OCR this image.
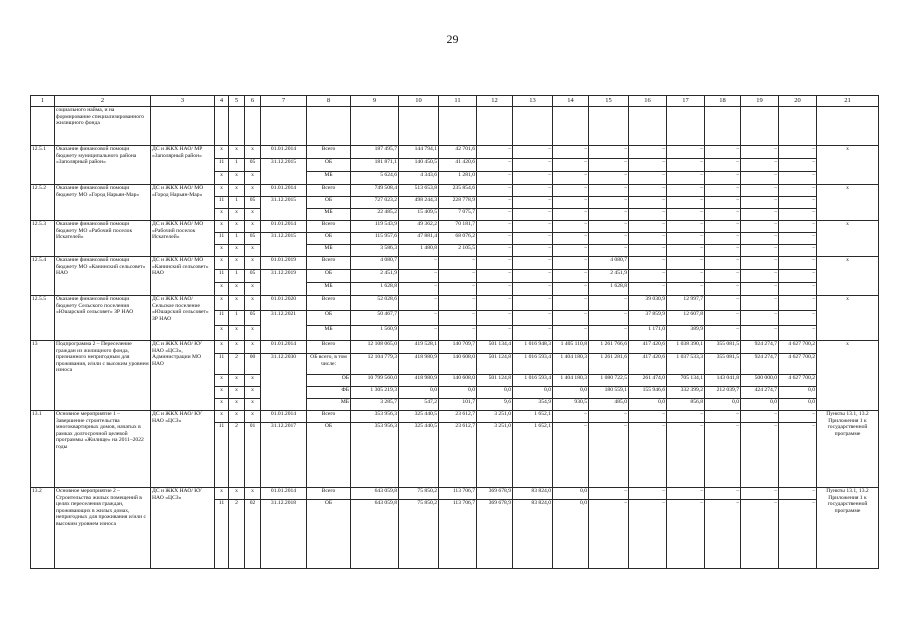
29
1	2	3	4	5	6	7	8	9	10	11	12	13	14	15	16	17	18	19	20	21
	социального найма, и на формирование специализированного жилищного фонда																			
12.5.1	Оказание финансовой помощи бюджету муниципального района «Заполярный район»	ДС и ЖКХ НАО/ МР «Заполярный район»	x	x	x	01.01.2014	Всего	187 495,7	144 794,1	42 701,6	–	–	–	–	–	–	–	–	–	x
			11	1	05	31.12.2015	ОБ	181 871,1	140 450,5	41 420,6	–	–	–	–	–	–	–	–	–	
			x	x	x		МБ	5 624,6	4 343,6	1 281,0	–	–	–	–	–	–	–	–	–	
12.5.2	Оказание финансовой помощи бюджету МО «Город Нарьян-Мар»	ДС и ЖКХ НАО/ МО «Город Нарьян-Мар»	x	x	x	01.01.2014	Всего	749 508,4	513 653,8	235 854,6	–	–	–	–	–	–	–	–	–	x
			11	1	05	31.12.2015	ОБ	727 023,2	498 244,3	228 778,9	–	–	–	–	–	–	–	–	–	
			x	x	x		МБ	22 485,2	15 409,5	7 075,7	–	–	–	–	–	–	–	–	–	
12.5.3	Оказание финансовой помощи бюджету МО «Рабочий поселок Искателей»	ДС и ЖКХ НАО/ МО «Рабочий поселок Искателей»	x	x	x	01.01.2014	Всего	119 543,9	49 362,2	70 181,7	–	–	–	–	–	–	–	–	–	x
			11	1	05	31.12.2015	ОБ	115 957,6	47 881,4	68 076,2	–	–	–	–	–	–	–	–	–	
			x	x	x		МБ	3 586,3	1 480,8	2 105,5	–	–	–	–	–	–	–	–	–	
12.5.4	Оказание финансовой помощи бюджету МО «Канинский сельсовет» НАО	ДС и ЖКХ НАО/ МО «Канинский сельсовет» НАО	x	x	x	01.01.2019	Всего	4 080,7	–	–	–	–	–	4 080,7	–	–	–	–	–	x
			11	1	05	31.12.2019	ОБ	2 451,9	–	–	–	–	–	2 451,9	–	–	–	–	–	
			x	x	x		МБ	1 628,8	–	–	–	–	–	1 628,8	–	–	–	–	–	
12.5.5	Оказание финансовой помощи бюджету Сельского поселения «Юшарский сельсовет» ЗР НАО	ДС и ЖКХ НАО/ Сельское поселение «Юшарский сельсовет» ЗР НАО	x	x	x	01.01.2020	Всего	52 028,6	–	–	–	–	–	–	39 030,9	12 997,7	–	–	–	x
			11	1	05	31.12.2021	ОБ	50 467,7	–	–	–	–	–	–	37 859,9	12 607,8	–	–	–	
			x	x	x		МБ	1 560,9	–	–	–	–	–	–	1 171,0	389,9	–	–	–	
13	Подпрограмма 2 – Переселение граждан из жилищного фонда, признанного непригодным для проживания, и/или с высоким уровнем износа	ДС и ЖКХ НАО/ КУ НАО «ЦСЗ», Администрации МО НАО	x	x	x	01.01.2014	Всего	12 108 065,0	419 528,1	140 709,7	501 134,4	1 016 948,3	1 405 110,8	1 261 766,6	417 420,6	1 038 390,1	355 081,5	924 274,7	4 627 700,2	x
			11	2	00	31.12.2030	ОБ всего, в том числе:	12 104 779,3	418 980,9	140 608,0	501 124,8	1 016 593,4	1 404 180,3	1 261 281,6	417 420,6	1 037 533,3	355 081,5	924 274,7	4 627 700,2	
			x	x	x		ОБ	10 799 560,0	418 980,9	140 608,0	501 124,8	1 016 593,4	1 404 180,3	1 080 722,5	261 474,0	705 134,1	143 041,8	500 000,0	4 627 700,2	
			x	x	x		ФБ	1 305 219,3	0,0	0,0	0,0	0,0	0,0	180 559,1	155 946,6	332 399,2	212 039,7	424 274,7	0,0	
			x	x	x		МБ	3 285,7	547,2	101,7	9,6	354,9	930,5	485,0	0,0	856,8	0,0	0,0	0,0	
13.1	Основное мероприятие 1 – Завершение строительства многоквартирных домов, начатых в рамках долгосрочной целевой программы «Жилище» на 2011–2022 годы	ДС и ЖКХ НАО/ КУ НАО «ЦСЗ»	x	x	x	01.01.2014	Всего	353 956,3	325 440,5	23 612,7	3 251,0	1 652,1	–	–	–	–	–	–	–	Пункты 13.1, 13.2 Приложения 1 к государственной программе
			11	2	01	31.12.2017	ОБ	353 956,3	325 440,5	23 612,7	3 251,0	1 652,1	–	–	–	–	–	–	–	
13.2	Основное мероприятие 2 – Строительство жилых помещений в целях переселения граждан, проживающих в жилых домах, непригодных для проживания и/или с высоким уровнем износа	ДС и ЖКХ НАО/ КУ НАО «ЦСЗ»	x	x	x	01.01.2014	Всего	643 059,8	75 850,2	113 706,7	369 678,9	83 824,0	0,0	–	–	–	–	–	–	Пункты 13.1, 13.2 Приложения 1 к государственной программе
			11	2	02	31.12.2018	ОБ	643 059,8	75 850,2	113 706,7	369 678,9	83 824,0	0,0	–	–	–	–	–	–	
